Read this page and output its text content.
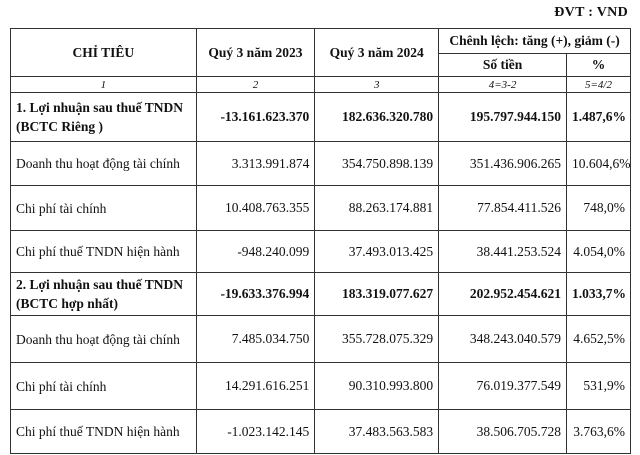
ĐVT : VND
CHỈ TIÊU	Quý 3 năm 2023	Quý 3 năm 2024	Chênh lệch: tăng (+), giảm (-)	
			Số tiền	%
1	2	3	4=3-2	5=4/2
1. Lợi nhuận sau thuế TNDN (BCTC Riêng )	-13.161.623.370	182.636.320.780	195.797.944.150	1.487,6%
Doanh thu hoạt động tài chính	3.313.991.874	354.750.898.139	351.436.906.265	10.604,6%
Chi phí tài chính	10.408.763.355	88.263.174.881	77.854.411.526	748,0%
Chi phí thuế TNDN hiện hành	-948.240.099	37.493.013.425	38.441.253.524	4.054,0%
2. Lợi nhuận sau thuế TNDN (BCTC hợp nhất)	-19.633.376.994	183.319.077.627	202.952.454.621	1.033,7%
Doanh thu hoạt động tài chính	7.485.034.750	355.728.075.329	348.243.040.579	4.652,5%
Chi phí tài chính	14.291.616.251	90.310.993.800	76.019.377.549	531,9%
Chi phí thuế TNDN hiện hành	-1.023.142.145	37.483.563.583	38.506.705.728	3.763,6%
